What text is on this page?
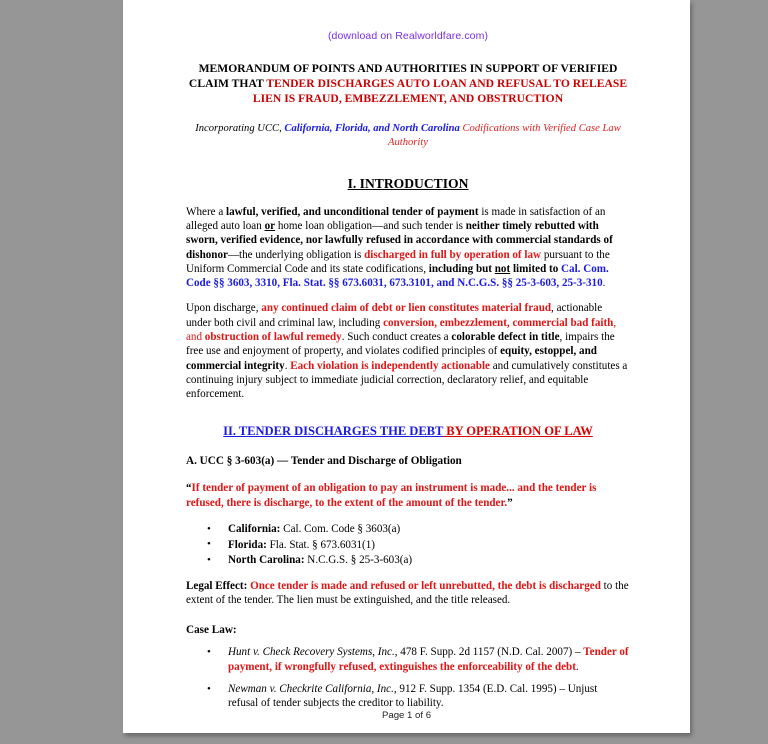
(download on Realworldfare.com)
MEMORANDUM OF POINTS AND AUTHORITIES IN SUPPORT OF VERIFIED CLAIM THAT TENDER DISCHARGES AUTO LOAN AND REFUSAL TO RELEASE LIEN IS FRAUD, EMBEZZLEMENT, AND OBSTRUCTION
Incorporating UCC, California, Florida, and North Carolina Codifications with Verified Case Law Authority
I. INTRODUCTION

Where a lawful, verified, and unconditional tender of payment is made in satisfaction of an alleged auto loan or home loan obligation—and such tender is neither timely rebutted with sworn, verified evidence, nor lawfully refused in accordance with commercial standards of dishonor—the underlying obligation is discharged in full by operation of law pursuant to the Uniform Commercial Code and its state codifications, including but not limited to Cal. Com. Code §§ 3603, 3310, Fla. Stat. §§ 673.6031, 673.3101, and N.C.G.S. §§ 25-3-603, 25-3-310.

Upon discharge, any continued claim of debt or lien constitutes material fraud, actionable under both civil and criminal law, including conversion, embezzlement, commercial bad faith, and obstruction of lawful remedy. Such conduct creates a colorable defect in title, impairs the free use and enjoyment of property, and violates codified principles of equity, estoppel, and commercial integrity. Each violation is independently actionable and cumulatively constitutes a continuing injury subject to immediate judicial correction, declaratory relief, and equitable enforcement.

II. TENDER DISCHARGES THE DEBT BY OPERATION OF LAW
A. UCC § 3-603(a) — Tender and Discharge of Obligation

“If tender of payment of an obligation to pay an instrument is made... and the tender is refused, there is discharge, to the extent of the amount of the tender.”

• California: Cal. Com. Code § 3603(a)
• Florida: Fla. Stat. § 673.6031(1)
• North Carolina: N.C.G.S. § 25-3-603(a)

Legal Effect: Once tender is made and refused or left unrebutted, the debt is discharged to the extent of the tender. The lien must be extinguished, and the title released.

Case Law:
• Hunt v. Check Recovery Systems, Inc., 478 F. Supp. 2d 1157 (N.D. Cal. 2007) – Tender of payment, if wrongfully refused, extinguishes the enforceability of the debt.
• Newman v. Checkrite California, Inc., 912 F. Supp. 1354 (E.D. Cal. 1995) – Unjust refusal of tender subjects the creditor to liability.
Page 1 of 6
